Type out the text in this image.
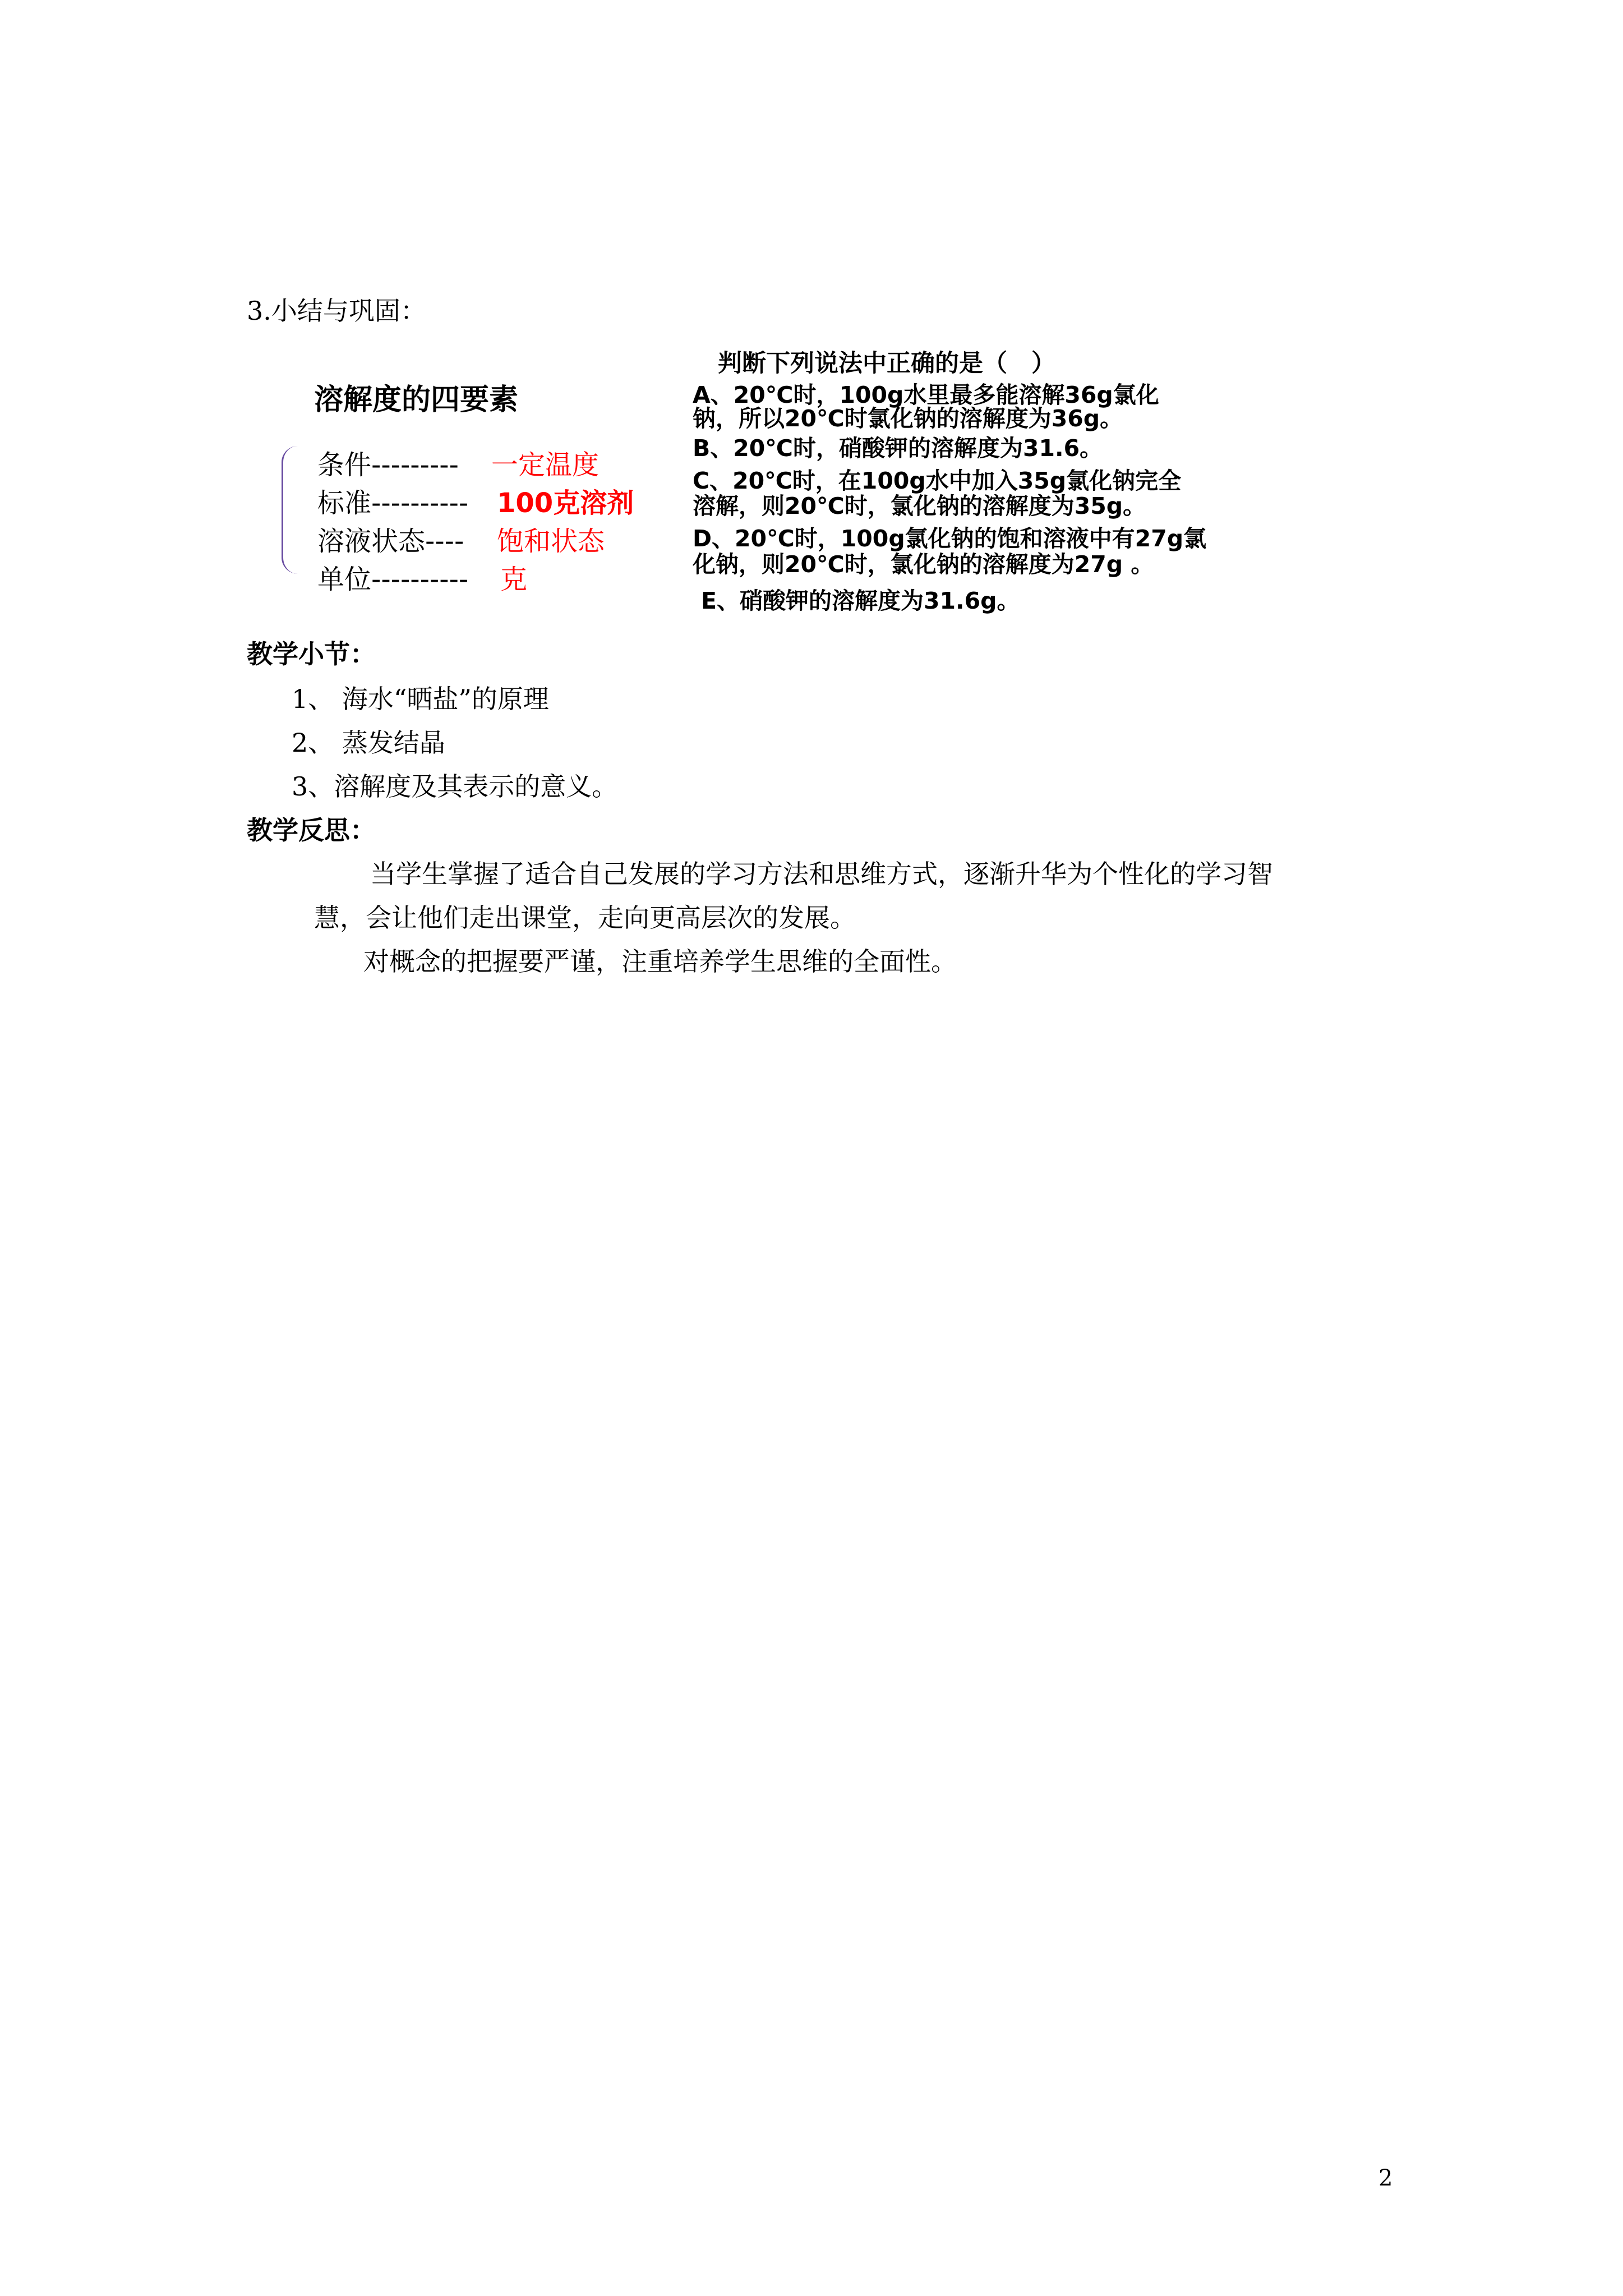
3.小结与巩固：
溶解度的四要素
条件--------- 一定温度
标准---------- 100克溶剂
溶液状态---- 饱和状态
单位---------- 克
判断下列说法中正确的是（　）
A、20℃时，100g水里最多能溶解36g氯化
钠，所以20℃时氯化钠的溶解度为36g。
B、20℃时，硝酸钾的溶解度为31.6。
C、20℃时，在100g水中加入35g氯化钠完全
溶解，则20℃时，氯化钠的溶解度为35g。
D、20℃时，100g氯化钠的饱和溶液中有27g氯
化钠，则20℃时，氯化钠的溶解度为27g 。
E、硝酸钾的溶解度为31.6g。
教学小节：
1、 海水“晒盐”的原理
2、 蒸发结晶
3、溶解度及其表示的意义。
教学反思：
当学生掌握了适合自己发展的学习方法和思维方式，逐渐升华为个性化的学习智
慧，会让他们走出课堂，走向更高层次的发展。
对概念的把握要严谨，注重培养学生思维的全面性。
2
